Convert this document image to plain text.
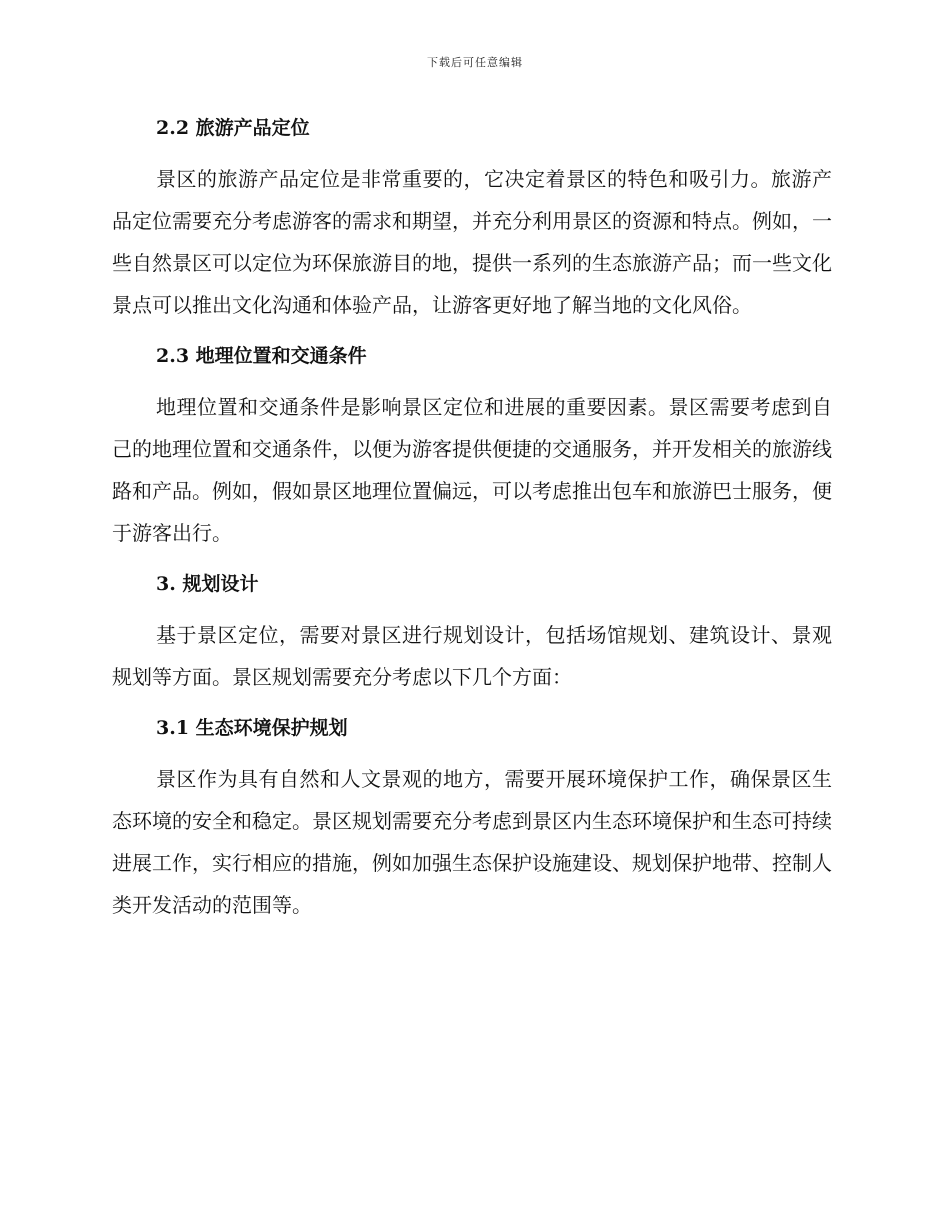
下载后可任意编辑
2.2 旅游产品定位

景区的旅游产品定位是非常重要的，它决定着景区的特色和吸引力。旅游产品定位需要充分考虑游客的需求和期望，并充分利用景区的资源和特点。例如，一些自然景区可以定位为环保旅游目的地，提供一系列的生态旅游产品；而一些文化景点可以推出文化沟通和体验产品，让游客更好地了解当地的文化风俗。

2.3 地理位置和交通条件

地理位置和交通条件是影响景区定位和进展的重要因素。景区需要考虑到自己的地理位置和交通条件，以便为游客提供便捷的交通服务，并开发相关的旅游线路和产品。例如，假如景区地理位置偏远，可以考虑推出包车和旅游巴士服务，便于游客出行。

3. 规划设计

基于景区定位，需要对景区进行规划设计，包括场馆规划、建筑设计、景观规划等方面。景区规划需要充分考虑以下几个方面：

3.1 生态环境保护规划

景区作为具有自然和人文景观的地方，需要开展环境保护工作，确保景区生态环境的安全和稳定。景区规划需要充分考虑到景区内生态环境保护和生态可持续进展工作，实行相应的措施，例如加强生态保护设施建设、规划保护地带、控制人类开发活动的范围等。
